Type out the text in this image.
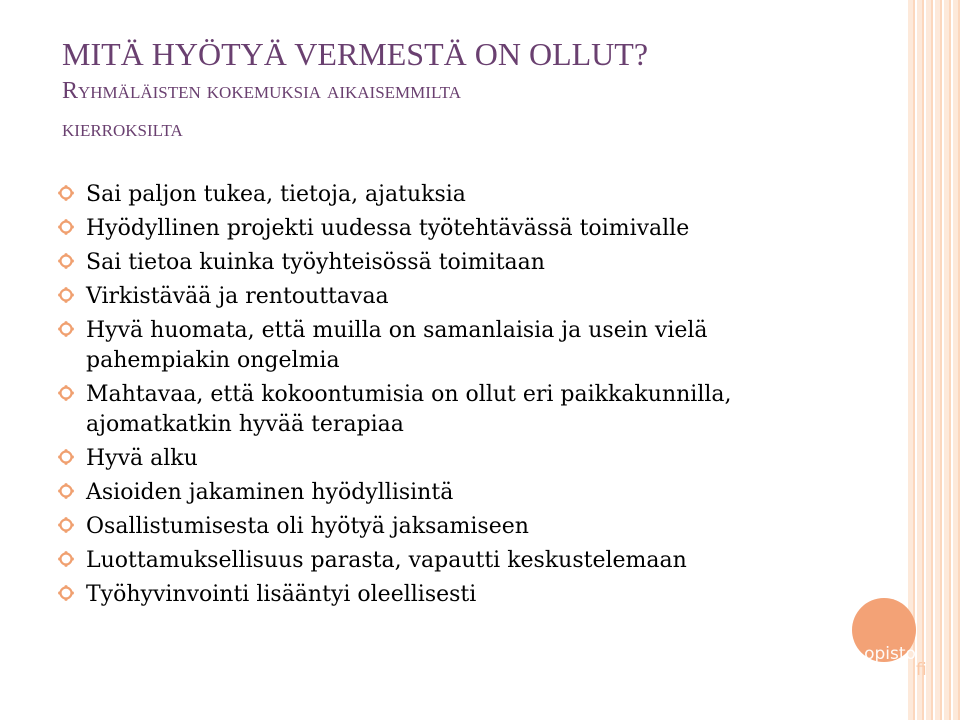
MITÄ HYÖTYÄ VERMESTÄ ON OLLUT?
Ryhmäläisten kokemuksia aikaisemmilta
kierroksilta
Sai paljon tukea, tietoja, ajatuksia
Hyödyllinen projekti uudessa työtehtävässä toimivalle
Sai tietoa kuinka työyhteisössä toimitaan
Virkistävää ja rentouttavaa
Hyvä huomata, että muilla on samanlaisia ja usein vielä pahempiakin ongelmia
Mahtavaa, että kokoontumisia on ollut eri paikkakunnilla, ajomatkatkin hyvää terapiaa
Hyvä alku
Asioiden jakaminen hyödyllisintä
Osallistumisesta oli hyötyä jaksamiseen
Luottamuksellisuus parasta, vapautti keskustelemaan
Työhyvinvointi lisääntyi oleellisesti
opisto
fi
